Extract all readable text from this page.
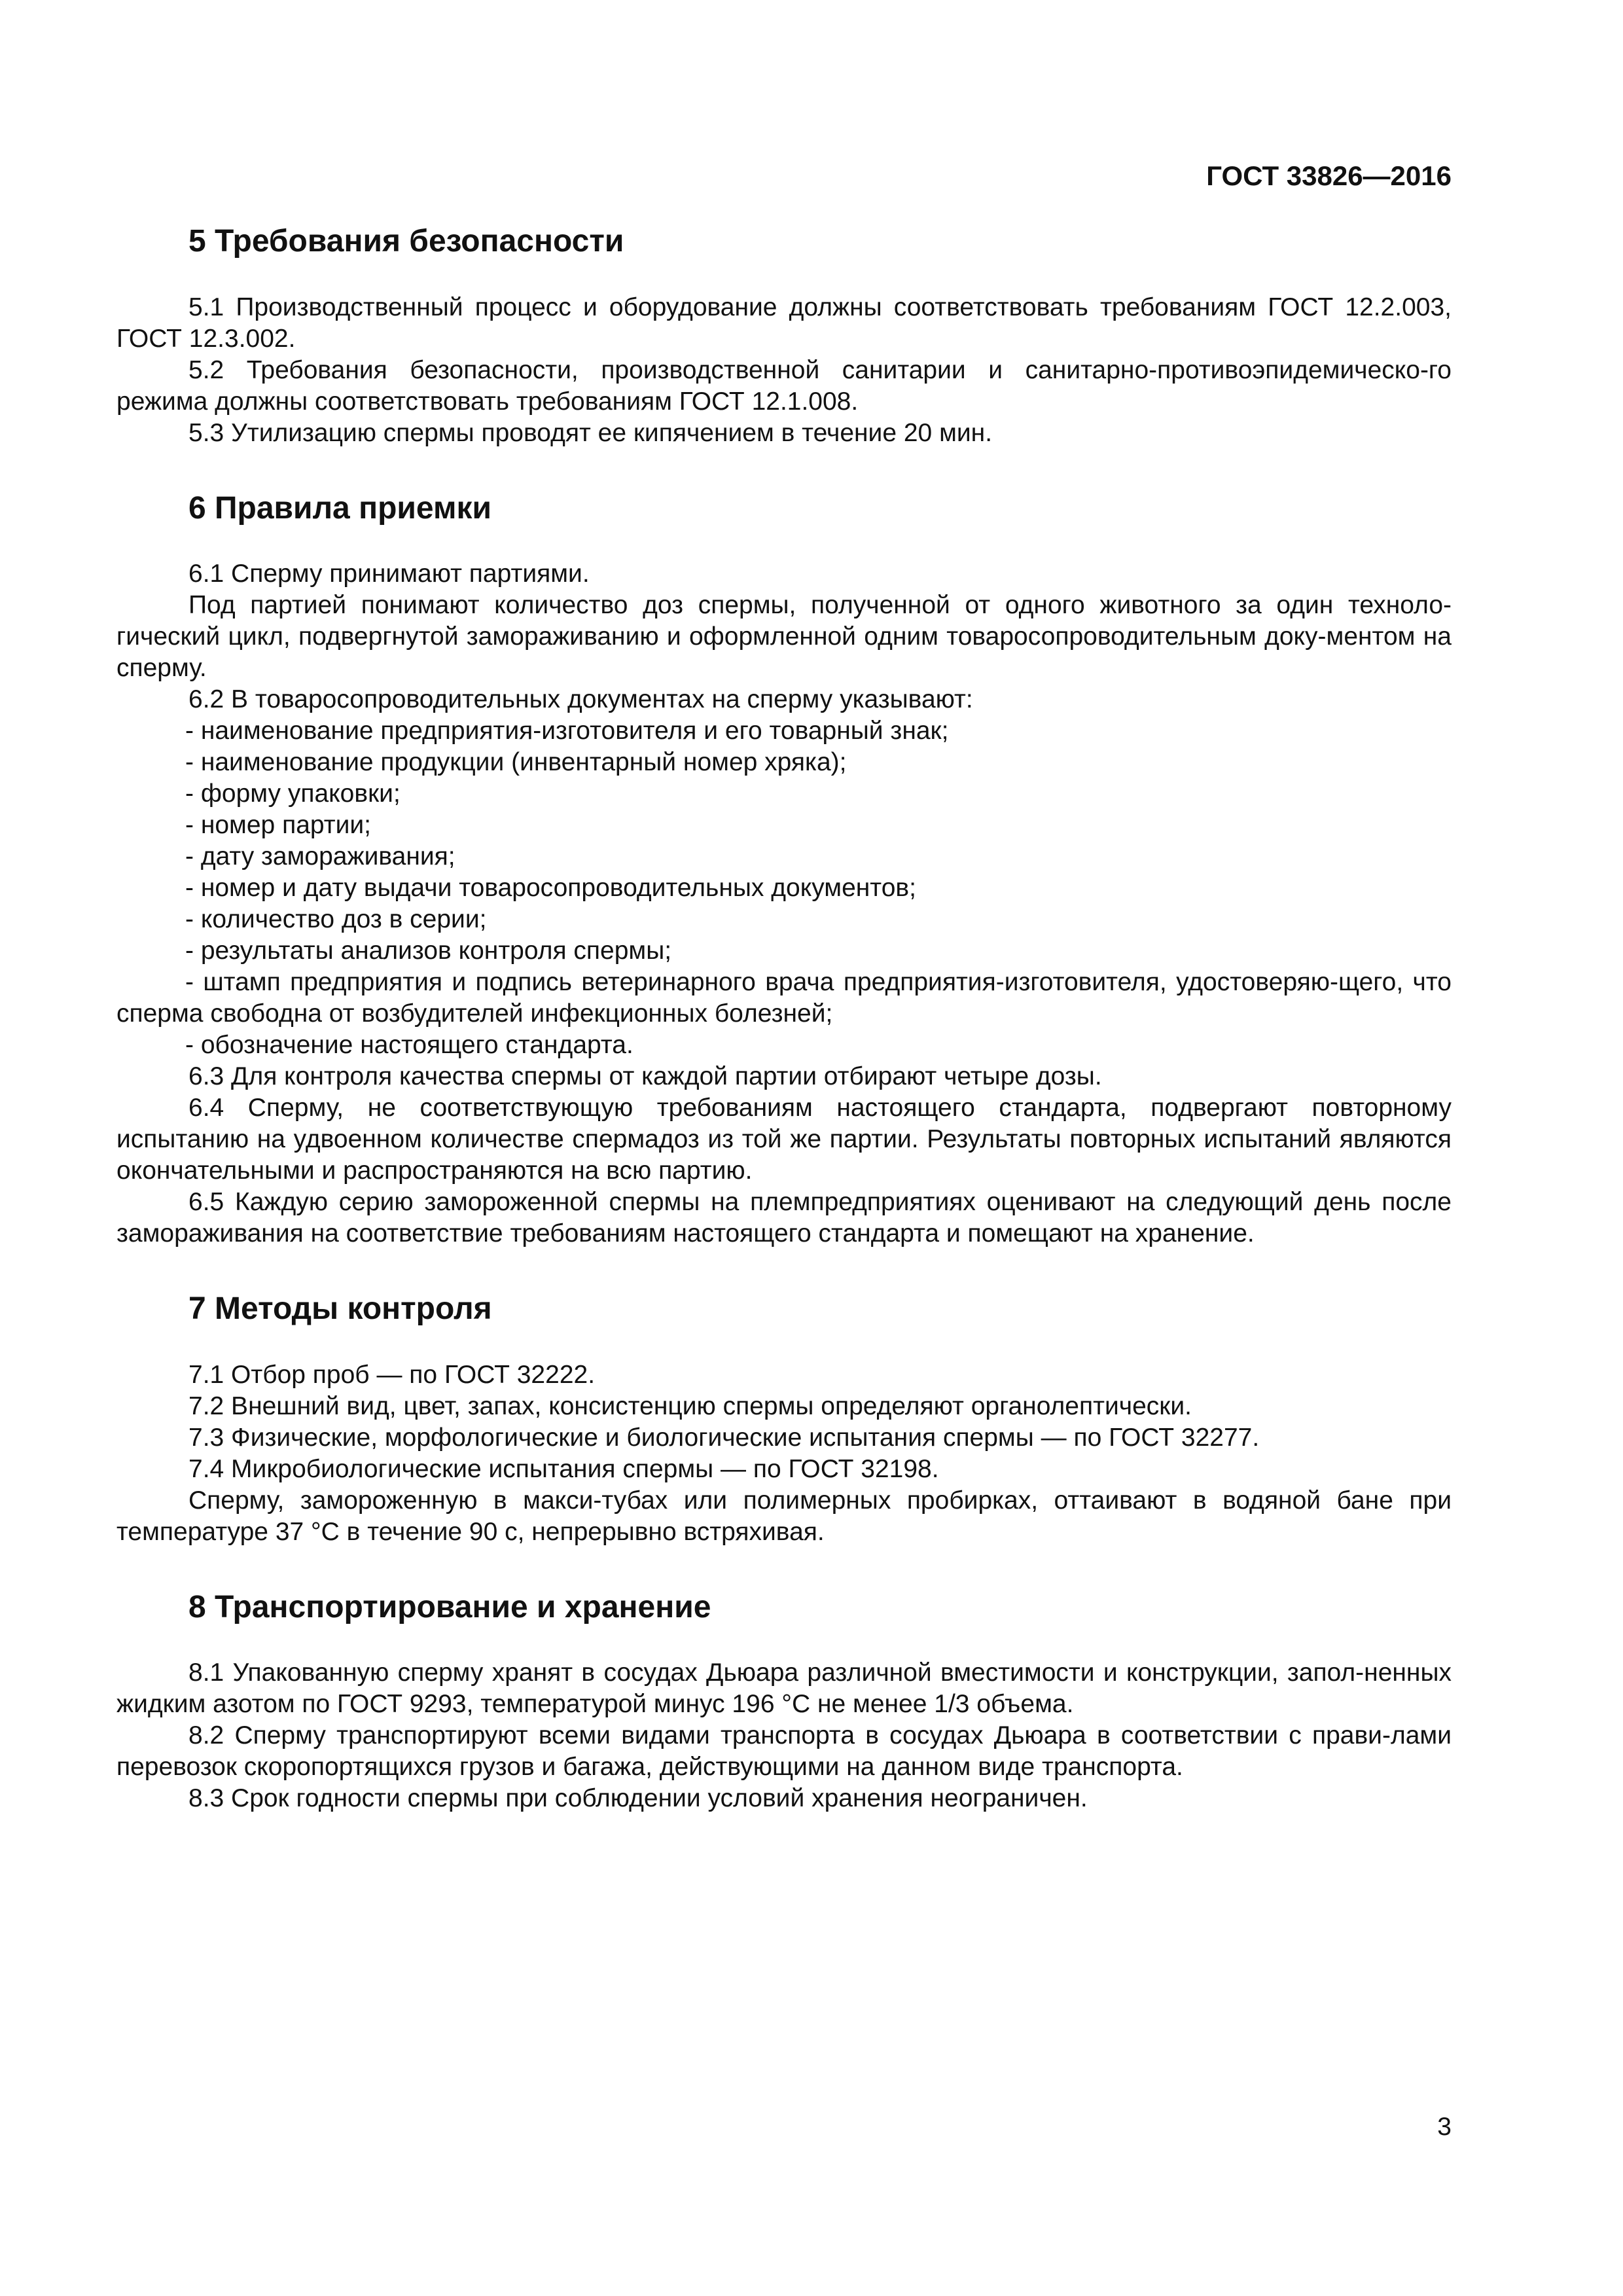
ГОСТ 33826—2016
5 Требования безопасности

5.1 Производственный процесс и оборудование должны соответствовать требованиям ГОСТ 12.2.003, ГОСТ 12.3.002.

5.2 Требования безопасности, производственной санитарии и санитарно-противоэпидемическо-го режима должны соответствовать требованиям ГОСТ 12.1.008.

5.3 Утилизацию спермы проводят ее кипячением в течение 20 мин.

6 Правила приемки

6.1 Сперму принимают партиями.

Под партией понимают количество доз спермы, полученной от одного животного за один техноло-гический цикл, подвергнутой замораживанию и оформленной одним товаросопроводительным доку-ментом на сперму.

6.2 В товаросопроводительных документах на сперму указывают:

- наименование предприятия-изготовителя и его товарный знак;

- наименование продукции (инвентарный номер хряка);

- форму упаковки;

- номер партии;

- дату замораживания;

- номер и дату выдачи товаросопроводительных документов;

- количество доз в серии;

- результаты анализов контроля спермы;

- штамп предприятия и подпись ветеринарного врача предприятия-изготовителя, удостоверяю-щего, что сперма свободна от возбудителей инфекционных болезней;

- обозначение настоящего стандарта.

6.3 Для контроля качества спермы от каждой партии отбирают четыре дозы.

6.4 Сперму, не соответствующую требованиям настоящего стандарта, подвергают повторному испытанию на удвоенном количестве спермадоз из той же партии. Результаты повторных испытаний являются окончательными и распространяются на всю партию.

6.5 Каждую серию замороженной спермы на племпредприятиях оценивают на следующий день после замораживания на соответствие требованиям настоящего стандарта и помещают на хранение.

7 Методы контроля

7.1 Отбор проб — по ГОСТ 32222.

7.2 Внешний вид, цвет, запах, консистенцию спермы определяют органолептически.

7.3 Физические, морфологические и биологические испытания спермы — по ГОСТ 32277.

7.4 Микробиологические испытания спермы — по ГОСТ 32198.

Сперму, замороженную в макси-тубах или полимерных пробирках, оттаивают в водяной бане при температуре 37 °С в течение 90 с, непрерывно встряхивая.

8 Транспортирование и хранение

8.1 Упакованную сперму хранят в сосудах Дьюара различной вместимости и конструкции, запол-ненных жидким азотом по ГОСТ 9293, температурой минус 196 °С не менее 1/3 объема.

8.2 Сперму транспортируют всеми видами транспорта в сосудах Дьюара в соответствии с прави-лами перевозок скоропортящихся грузов и багажа, действующими на данном виде транспорта.

8.3 Срок годности спермы при соблюдении условий хранения неограничен.

3
